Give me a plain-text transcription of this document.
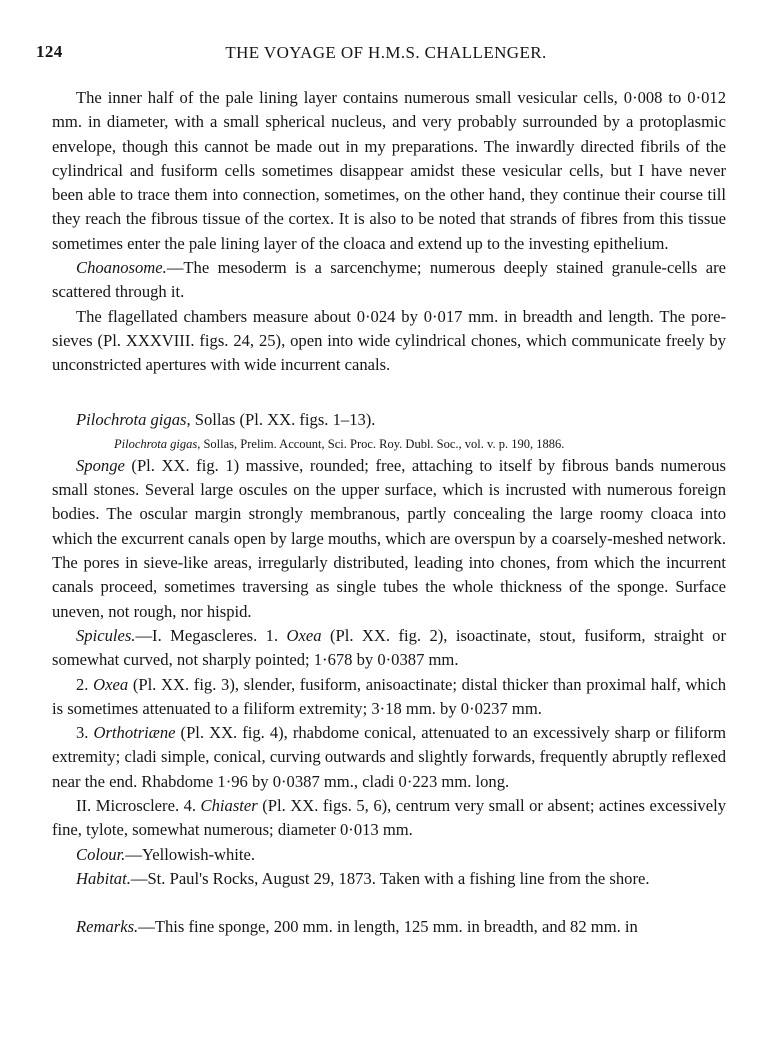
124	THE VOYAGE OF H.M.S. CHALLENGER.

The inner half of the pale lining layer contains numerous small vesicular cells, 0·008 to 0·012 mm. in diameter, with a small spherical nucleus, and very probably surrounded by a protoplasmic envelope, though this cannot be made out in my preparations. The inwardly directed fibrils of the cylindrical and fusiform cells sometimes disappear amidst these vesicular cells, but I have never been able to trace them into connection, sometimes, on the other hand, they continue their course till they reach the fibrous tissue of the cortex. It is also to be noted that strands of fibres from this tissue sometimes enter the pale lining layer of the cloaca and extend up to the investing epithelium.

Choanosome.—The mesoderm is a sarcenchyme; numerous deeply stained granule-cells are scattered through it.

The flagellated chambers measure about 0·024 by 0·017 mm. in breadth and length. The pore-sieves (Pl. XXXVIII. figs. 24, 25), open into wide cylindrical chones, which communicate freely by unconstricted apertures with wide incurrent canals.

Pilochrota gigas, Sollas (Pl. XX. figs. 1–13).

Pilochrota gigas, Sollas, Prelim. Account, Sci. Proc. Roy. Dubl. Soc., vol. v. p. 190, 1886.

Sponge (Pl. XX. fig. 1) massive, rounded; free, attaching to itself by fibrous bands numerous small stones. Several large oscules on the upper surface, which is incrusted with numerous foreign bodies. The oscular margin strongly membranous, partly concealing the large roomy cloaca into which the excurrent canals open by large mouths, which are overspun by a coarsely-meshed network. The pores in sieve-like areas, irregularly distributed, leading into chones, from which the incurrent canals proceed, sometimes traversing as single tubes the whole thickness of the sponge. Surface uneven, not rough, nor hispid.

Spicules.—I. Megascleres. 1. Oxea (Pl. XX. fig. 2), isoactinate, stout, fusiform, straight or somewhat curved, not sharply pointed; 1·678 by 0·0387 mm.

2. Oxea (Pl. XX. fig. 3), slender, fusiform, anisoactinate; distal thicker than proximal half, which is sometimes attenuated to a filiform extremity; 3·18 mm. by 0·0237 mm.

3. Orthotriæne (Pl. XX. fig. 4), rhabdome conical, attenuated to an excessively sharp or filiform extremity; cladi simple, conical, curving outwards and slightly forwards, frequently abruptly reflexed near the end. Rhabdome 1·96 by 0·0387 mm., cladi 0·223 mm. long.

II. Microsclere. 4. Chiaster (Pl. XX. figs. 5, 6), centrum very small or absent; actines excessively fine, tylote, somewhat numerous; diameter 0·013 mm.

Colour.—Yellowish-white.

Habitat.—St. Paul's Rocks, August 29, 1873. Taken with a fishing line from the shore.

Remarks.—This fine sponge, 200 mm. in length, 125 mm. in breadth, and 82 mm. in
